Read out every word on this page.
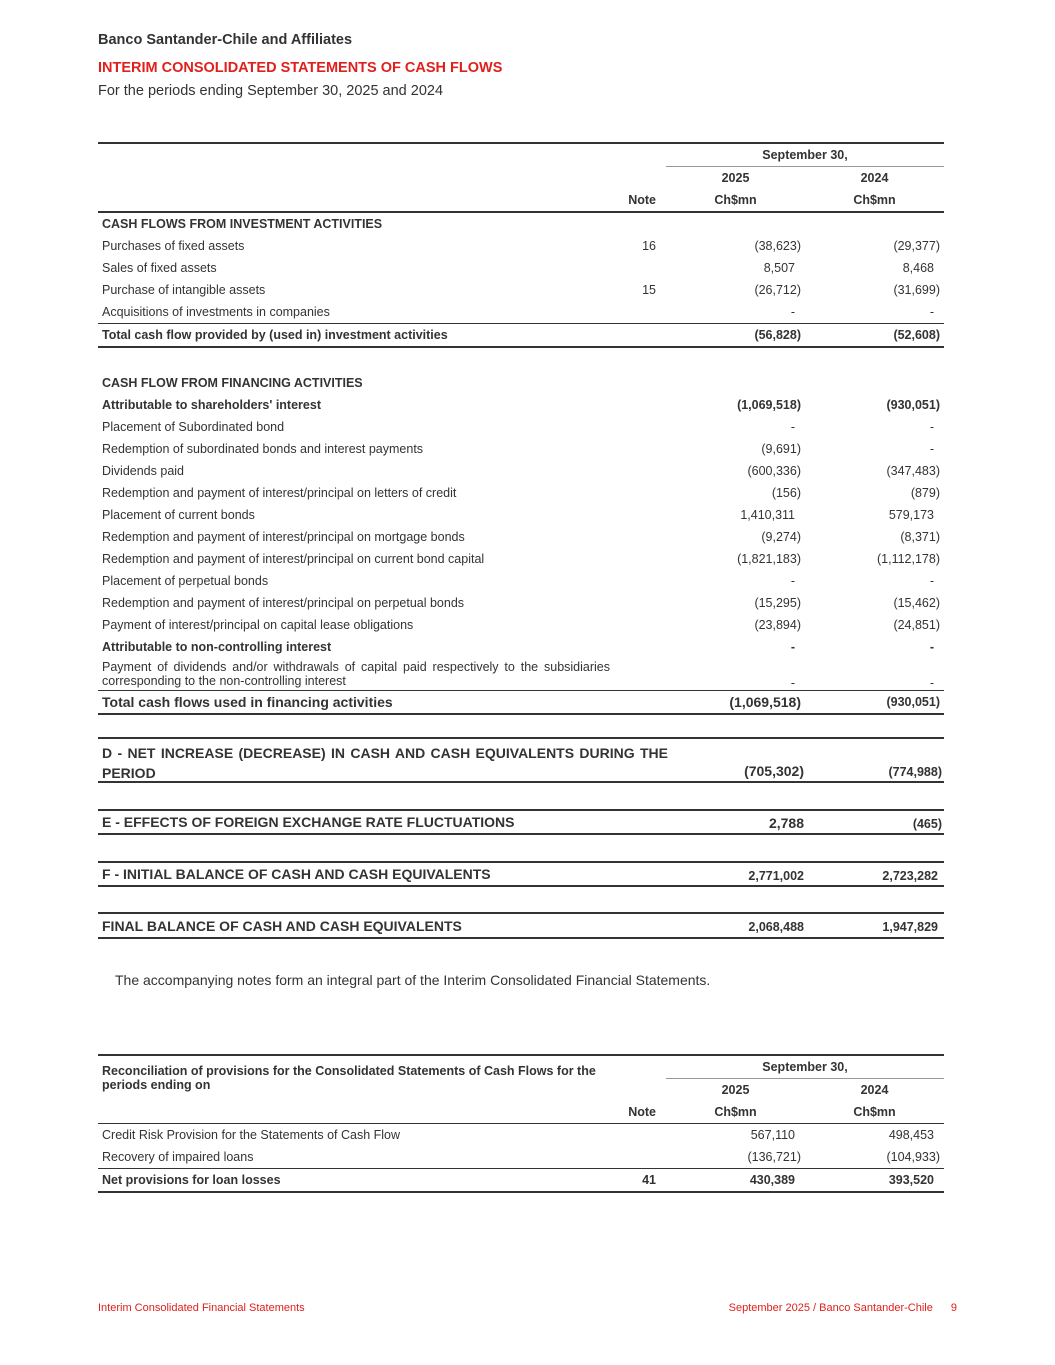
Banco Santander-Chile and Affiliates
INTERIM CONSOLIDATED STATEMENTS OF CASH FLOWS
For the periods ending September 30, 2025 and 2024
		September 30,	
		2025	2024
	Note	Ch$mn	Ch$mn
CASH FLOWS FROM INVESTMENT ACTIVITIES			
Purchases of fixed assets	16	(38,623)	(29,377)
Sales of fixed assets		8,507	8,468
Purchase of intangible assets	15	(26,712)	(31,699)
Acquisitions of investments in companies		-	-
Total cash flow provided by (used in) investment activities		(56,828)	(52,608)

CASH FLOW FROM FINANCING ACTIVITIES			
Attributable to shareholders' interest		(1,069,518)	(930,051)
Placement of Subordinated bond		-	-
Redemption of subordinated bonds and interest payments		(9,691)	-
Dividends paid		(600,336)	(347,483)
Redemption and payment of interest/principal on letters of credit		(156)	(879)
Placement of current bonds		1,410,311	579,173
Redemption and payment of interest/principal on mortgage bonds		(9,274)	(8,371)
Redemption and payment of interest/principal on current bond capital		(1,821,183)	(1,112,178)
Placement of perpetual bonds		-	-
Redemption and payment of interest/principal on perpetual bonds		(15,295)	(15,462)
Payment of interest/principal on capital lease obligations		(23,894)	(24,851)
Attributable to non-controlling interest		-	-
Payment of dividends and/or withdrawals of capital paid respectively to the subsidiaries corresponding to the non-controlling interest		-	-
Total cash flows used in financing activities		(1,069,518)	(930,051)
D - NET INCREASE (DECREASE) IN CASH AND CASH EQUIVALENTS DURING THE PERIOD	(705,302)	(774,988)
E - EFFECTS OF FOREIGN EXCHANGE RATE FLUCTUATIONS	2,788	(465)
F - INITIAL BALANCE OF CASH AND CASH EQUIVALENTS	2,771,002	2,723,282
FINAL BALANCE OF CASH AND CASH EQUIVALENTS	2,068,488	1,947,829
The accompanying notes form an integral part of the Interim Consolidated Financial Statements.
Reconciliation of provisions for the Consolidated Statements of Cash Flows for the periods ending on		September 30,	
		2025	2024
	Note	Ch$mn	Ch$mn
Credit Risk Provision for the Statements of Cash Flow		567,110	498,453
Recovery of impaired loans		(136,721)	(104,933)
Net provisions for loan losses	41	430,389	393,520
Interim Consolidated Financial Statements	September 2025 / Banco Santander-Chile 9
